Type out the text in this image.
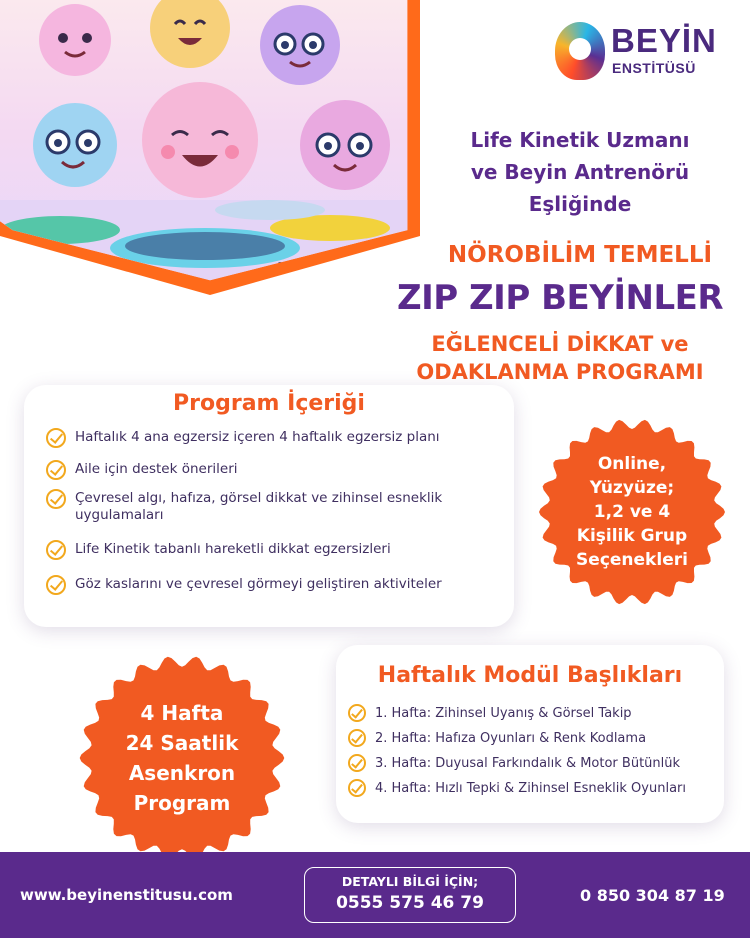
BEYİN
ENSTİTÜSÜ
Life Kinetik Uzmanı
ve Beyin Antrenörü
Eşliğinde
NÖROBİLİM TEMELLİ
ZIP ZIP BEYİNLER
EĞLENCELİ DİKKAT ve
ODAKLANMA PROGRAMI
Program İçeriği
Haftalık 4 ana egzersiz içeren 4 haftalık egzersiz planı
Aile için destek önerileri
Çevresel algı, hafıza, görsel dikkat ve zihinsel esneklik uygulamaları
Life Kinetik tabanlı hareketli dikkat egzersizleri
Göz kaslarını ve çevresel görmeyi geliştiren aktiviteler
Online,
Yüzyüze;
1,2 ve 4
Kişilik Grup
Seçenekleri
4 Hafta
24 Saatlik
Asenkron
Program
Haftalık Modül Başlıkları
1. Hafta: Zihinsel Uyanış & Görsel Takip
2. Hafta: Hafıza Oyunları & Renk Kodlama
3. Hafta: Duyusal Farkındalık & Motor Bütünlük
4. Hafta: Hızlı Tepki & Zihinsel Esneklik Oyunları
www.beyinenstitusu.com
DETAYLI BİLGİ İÇİN;
0555 575 46 79	0 850 304 87 19
